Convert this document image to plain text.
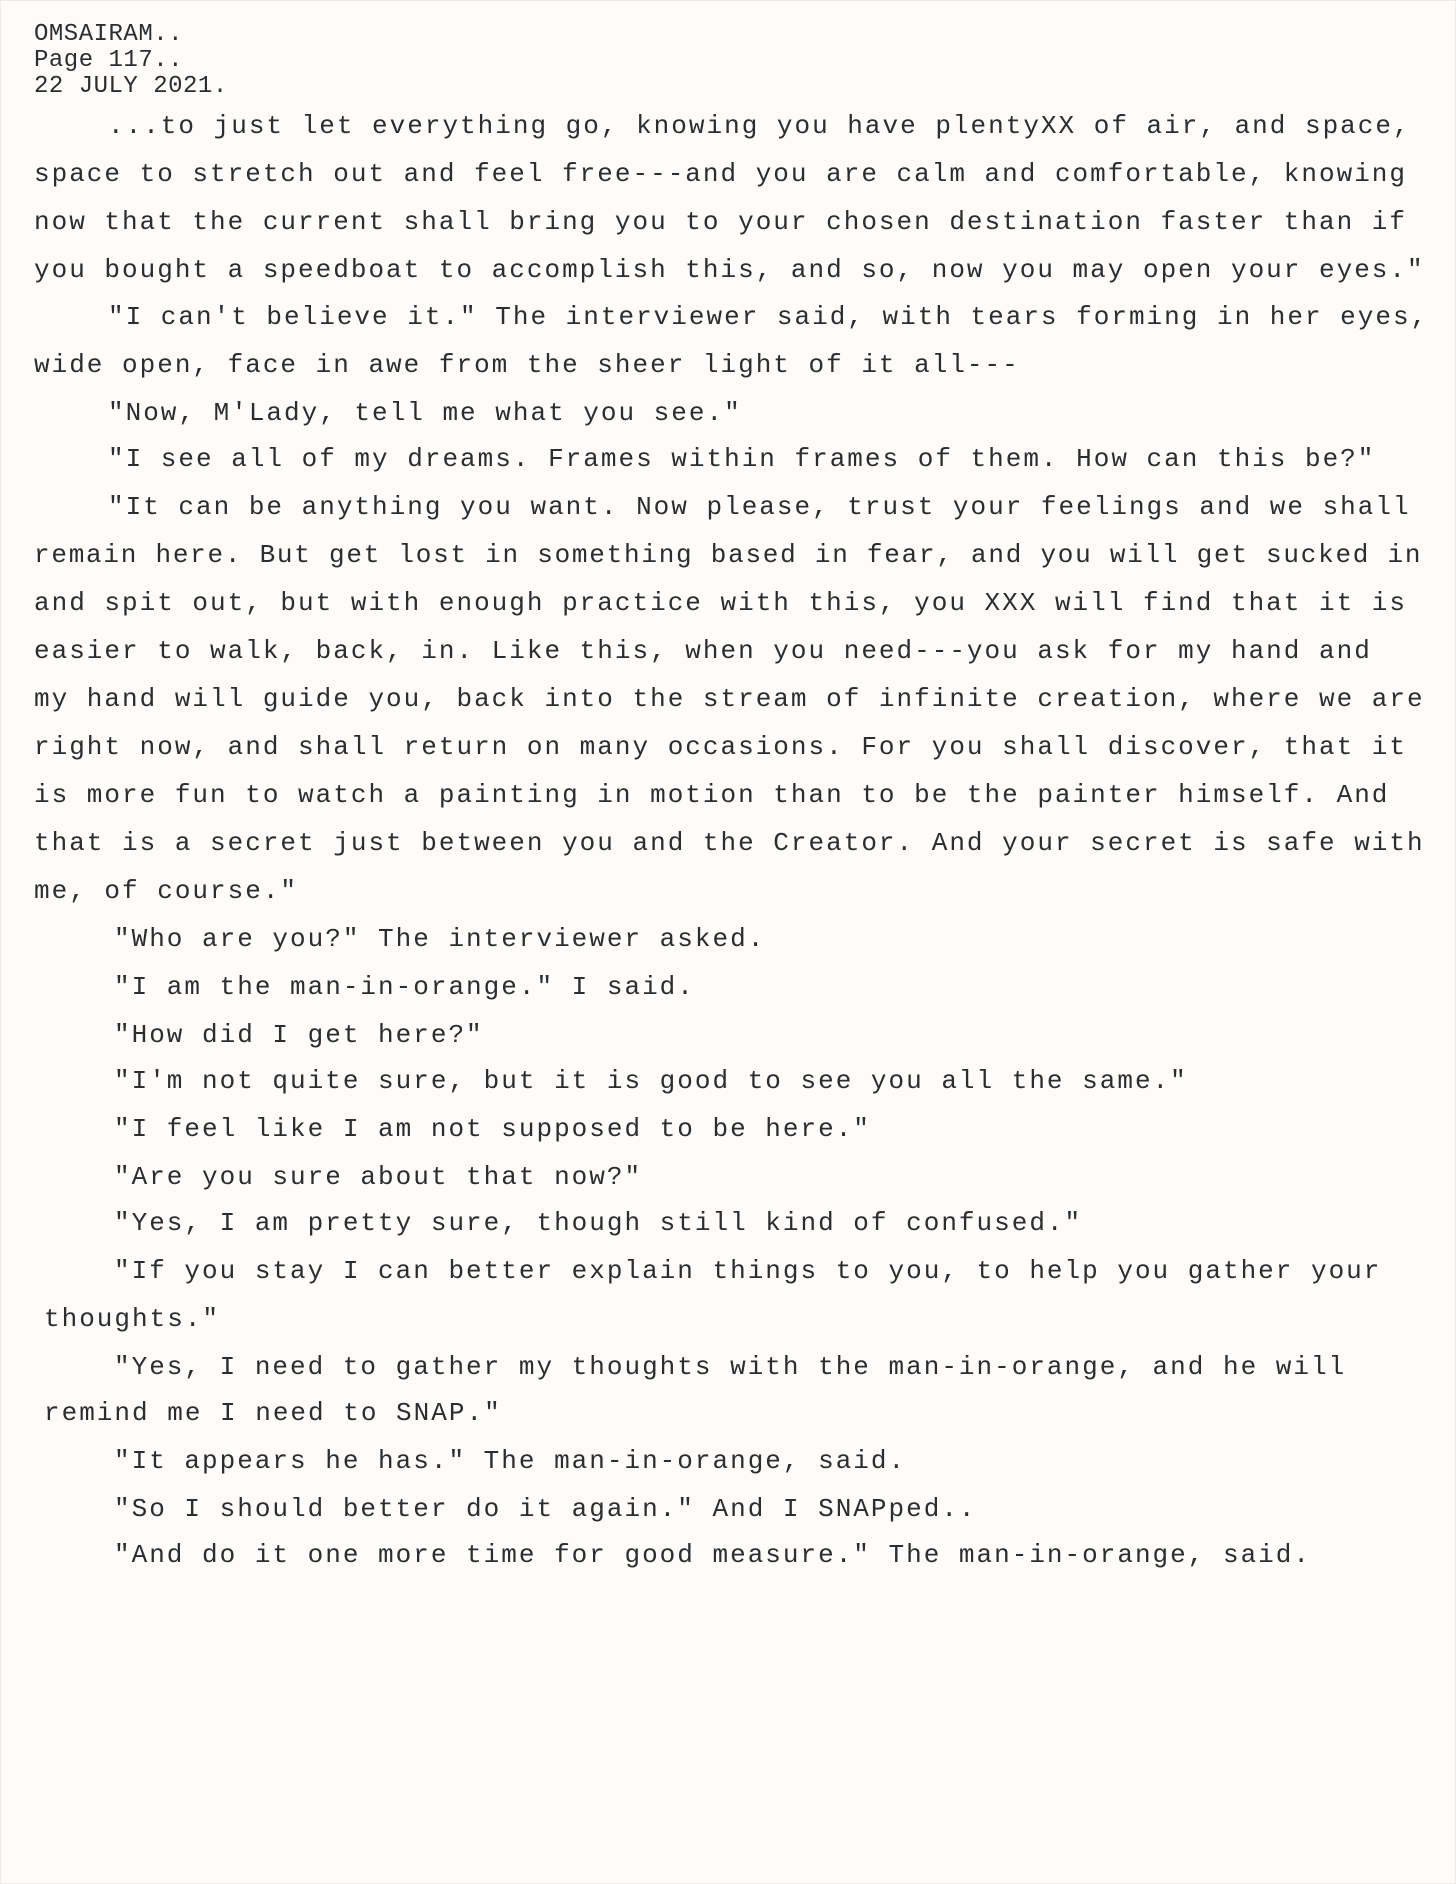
OMSAIRAM..
Page 117..
22 JULY 2021.
...to just let everything go, knowing you have plentyXX of air, and space,
space to stretch out and feel free---and you are calm and comfortable, knowing
now that the current shall bring you to your chosen destination faster than if
you bought a speedboat to accomplish this, and so, now you may open your eyes."
"I can't believe it." The interviewer said, with tears forming in her eyes,
wide open, face in awe from the sheer light of it all---
"Now, M'Lady, tell me what you see."
"I see all of my dreams. Frames within frames of them. How can this be?"
"It can be anything you want. Now please, trust your feelings and we shall
remain here. But get lost in something based in fear, and you will get sucked in
and spit out, but with enough practice with this, you XXX will find that it is
easier to walk, back, in. Like this, when you need---you ask for my hand and
my hand will guide you, back into the stream of infinite creation, where we are
right now, and shall return on many occasions. For you shall discover, that it
is more fun to watch a painting in motion than to be the painter himself. And
that is a secret just between you and the Creator. And your secret is safe with
me, of course."
"Who are you?" The interviewer asked.
"I am the man-in-orange." I said.
"How did I get here?"
"I'm not quite sure, but it is good to see you all the same."
"I feel like I am not supposed to be here."
"Are you sure about that now?"
"Yes, I am pretty sure, though still kind of confused."
"If you stay I can better explain things to you, to help you gather your
thoughts."
"Yes, I need to gather my thoughts with the man-in-orange, and he will
remind me I need to SNAP."
"It appears he has." The man-in-orange, said.
"So I should better do it again." And I SNAPped..
"And do it one more time for good measure." The man-in-orange, said.
